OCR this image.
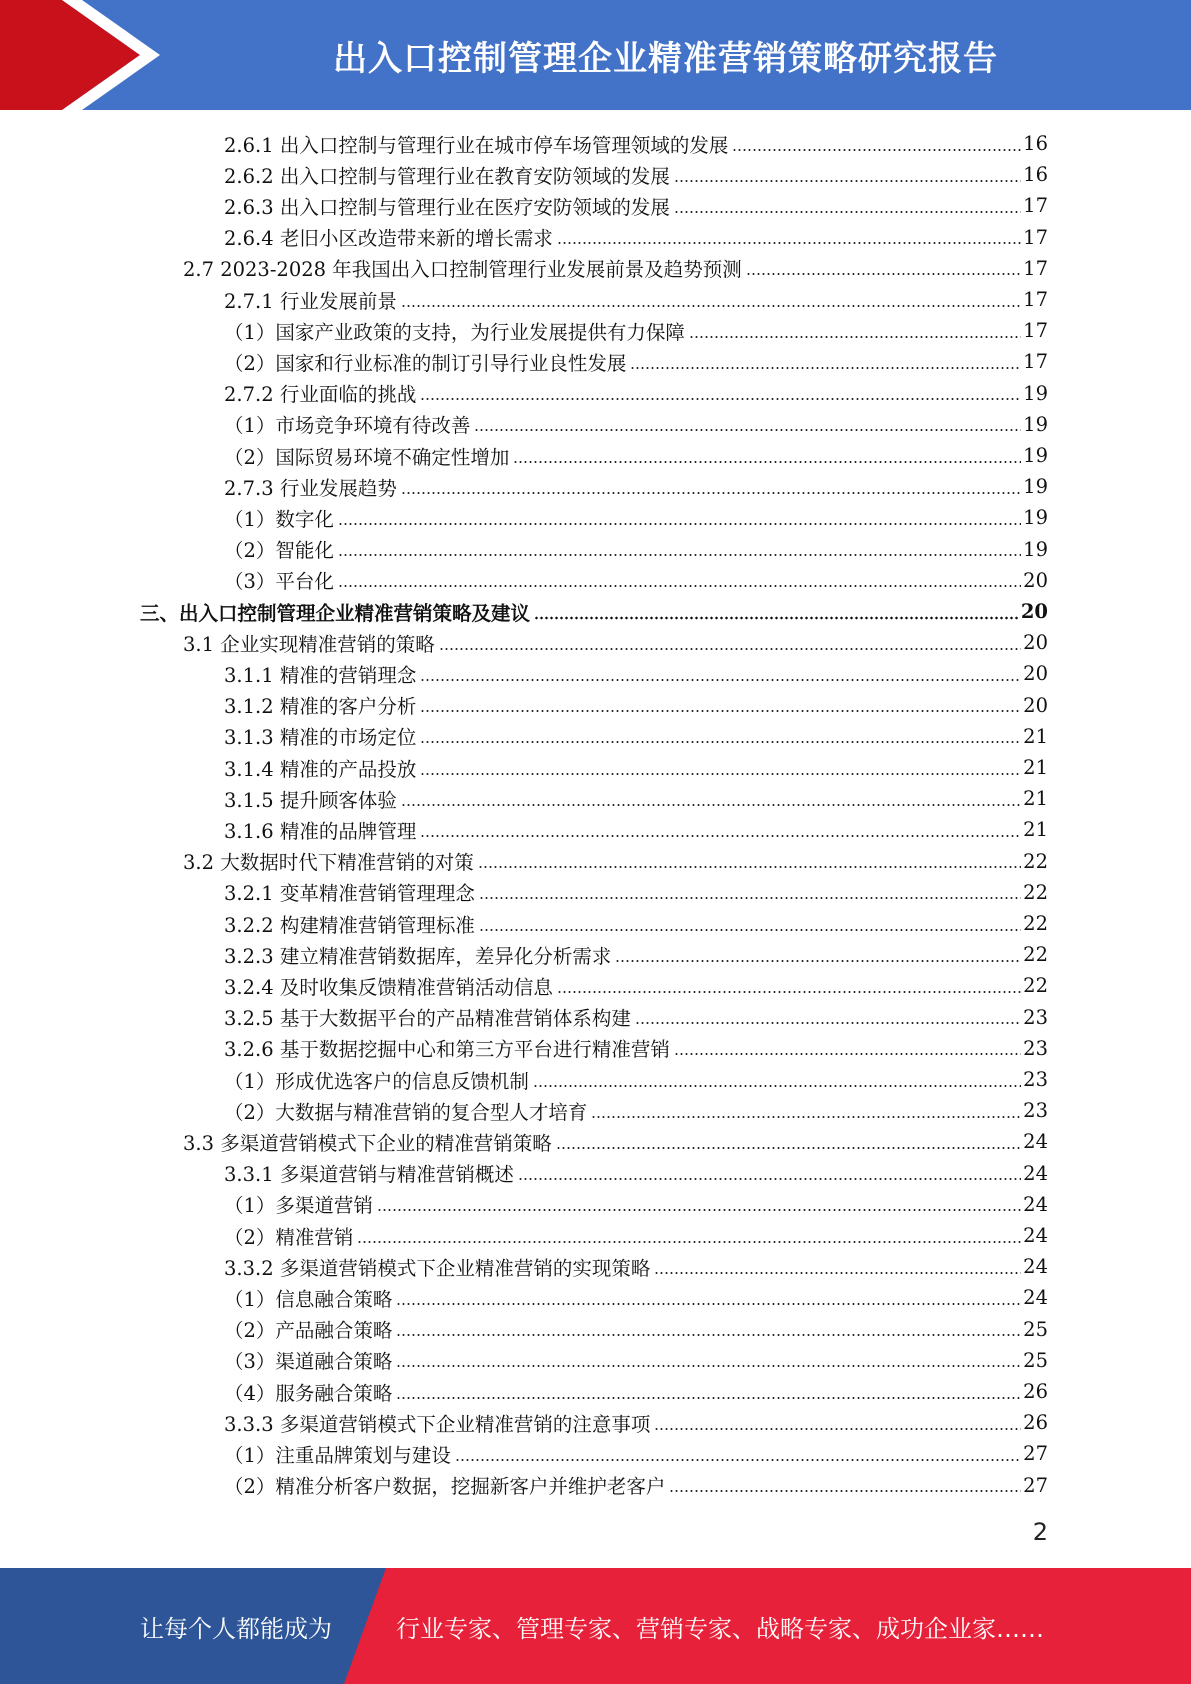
出入口控制管理企业精准营销策略研究报告
2.6.1 出入口控制与管理行业在城市停车场管理领域的发展	16
2.6.2 出入口控制与管理行业在教育安防领域的发展	16
2.6.3 出入口控制与管理行业在医疗安防领域的发展	17
2.6.4 老旧小区改造带来新的增长需求	17
2.7 2023-2028 年我国出入口控制管理行业发展前景及趋势预测	17
2.7.1 行业发展前景	17
（1）国家产业政策的支持，为行业发展提供有力保障	17
（2）国家和行业标准的制订引导行业良性发展	17
2.7.2 行业面临的挑战	19
（1）市场竞争环境有待改善	19
（2）国际贸易环境不确定性增加	19
2.7.3 行业发展趋势	19
（1）数字化	19
（2）智能化	19
（3）平台化	20
三、出入口控制管理企业精准营销策略及建议	20
3.1 企业实现精准营销的策略	20
3.1.1 精准的营销理念	20
3.1.2 精准的客户分析	20
3.1.3 精准的市场定位	21
3.1.4 精准的产品投放	21
3.1.5 提升顾客体验	21
3.1.6 精准的品牌管理	21
3.2 大数据时代下精准营销的对策	22
3.2.1 变革精准营销管理理念	22
3.2.2 构建精准营销管理标准	22
3.2.3 建立精准营销数据库，差异化分析需求	22
3.2.4 及时收集反馈精准营销活动信息	22
3.2.5 基于大数据平台的产品精准营销体系构建	23
3.2.6 基于数据挖掘中心和第三方平台进行精准营销	23
（1）形成优选客户的信息反馈机制	23
（2）大数据与精准营销的复合型人才培育	23
3.3 多渠道营销模式下企业的精准营销策略	24
3.3.1 多渠道营销与精准营销概述	24
（1）多渠道营销	24
（2）精准营销	24
3.3.2 多渠道营销模式下企业精准营销的实现策略	24
（1）信息融合策略	24
（2）产品融合策略	25
（3）渠道融合策略	25
（4）服务融合策略	26
3.3.3 多渠道营销模式下企业精准营销的注意事项	26
（1）注重品牌策划与建设	27
（2）精准分析客户数据，挖掘新客户并维护老客户	27
2
让每个人都能成为	行业专家、管理专家、营销专家、战略专家、成功企业家……
